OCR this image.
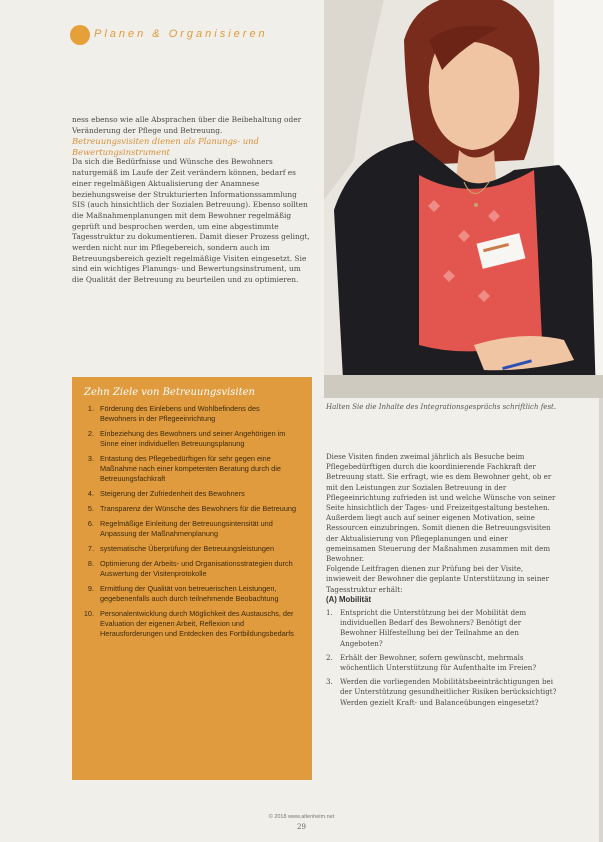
Planen & Organisieren
Halten Sie die Inhalte des Integrationsgesprächs schriftlich fest.

ness ebenso wie alle Absprachen über die Beibehaltung oder Veränderung der Pflege und Betreuung.

Betreuungsvisiten dienen als Planungs- und Bewertungsinstrument

Da sich die Bedürfnisse und Wünsche des Bewohners naturgemäß im Laufe der Zeit verändern können, bedarf es einer regelmäßigen Aktualisierung der Anamnese beziehungsweise der Strukturierten Informationssammlung SIS (auch hinsichtlich der Sozialen Betreuung). Ebenso sollten die Maßnahmenplanungen mit dem Bewohner regelmäßig geprüft und besprochen werden, um eine abgestimmte Tagesstruktur zu dokumentieren. Damit dieser Prozess gelingt, werden nicht nur im Pflegebereich, sondern auch im Betreuungsbereich gezielt regelmäßige Visiten eingesetzt. Sie sind ein wichtiges Planungs- und Bewertungsinstrument, um die Qualität der Betreuung zu beurteilen und zu optimieren.

Zehn Ziele von Betreuungsvisiten
1. Förderung des Einlebens und Wohlbefindens des Bewohners in der Pflegeeinrichtung
2. Einbeziehung des Bewohners und seiner Angehörigen im Sinne einer individuellen Betreuungsplanung
3. Entastung des Pflegebedürftigen für sehr gegen eine Maßnahme nach einer kompetenten Beratung durch die Betreuungsfachkraft
4. Steigerung der Zufriedenheit des Bewohners
5. Transparenz der Wünsche des Bewohners für die Betreuung
6. Regelmäßige Einleitung der Betreuungsintensität und Anpassung der Maßnahmenplanung
7. systematische Überprüfung der Betreuungsleistungen
8. Optimierung der Arbeits- und Organisationsstrategien durch Auswertung der Visitenprotokolle
9. Ermittlung der Qualität von betreuerischen Leistungen, gegebenenfalls auch durch teilnehmende Beobachtung
10. Personalentwicklung durch Möglichkeit des Austauschs, der Evaluation der eigenen Arbeit, Reflexion und Herausforderungen und Entdecken des Fortbildungsbedarfs

Diese Visiten finden zweimal jährlich als Besuche beim Pflegebedürftigen durch die koordinierende Fachkraft der Betreuung statt. Sie erfragt, wie es dem Bewohner geht, ob er mit den Leistungen zur Sozialen Betreuung in der Pflegeeinrichtung zufrieden ist und welche Wünsche von seiner Seite hinsichtlich der Tages- und Freizeitgestaltung bestehen. Außerdem liegt auch auf seiner eigenen Motivation, seine Ressourcen einzubringen. Somit dienen die Betreuungsvisiten der Aktualisierung von Pflegeplanungen und einer gemeinsamen Steuerung der Maßnahmen zusammen mit dem Bewohner.

Folgende Leitfragen dienen zur Prüfung bei der Visite, inwieweit der Bewohner die geplante Unterstützung in seiner Tagesstruktur erhält:

(A) Mobilität

1.	Entspricht die Unterstützung bei der Mobilität dem individuellen Bedarf des Bewohners? Benötigt der Bewohner Hilfestellung bei der Teilnahme an den Angeboten?
2.	Erhält der Bewohner, sofern gewünscht, mehrmals wöchentlich Unterstützung für Aufenthalte im Freien?
3.	Werden die vorliegenden Mobilitätsbeeinträchtigungen bei der Unterstützung gesundheitlicher Risiken berücksichtigt? Werden gezielt Kraft- und Balanceübungen eingesetzt?
© 2018 www.altenheim.net
29
